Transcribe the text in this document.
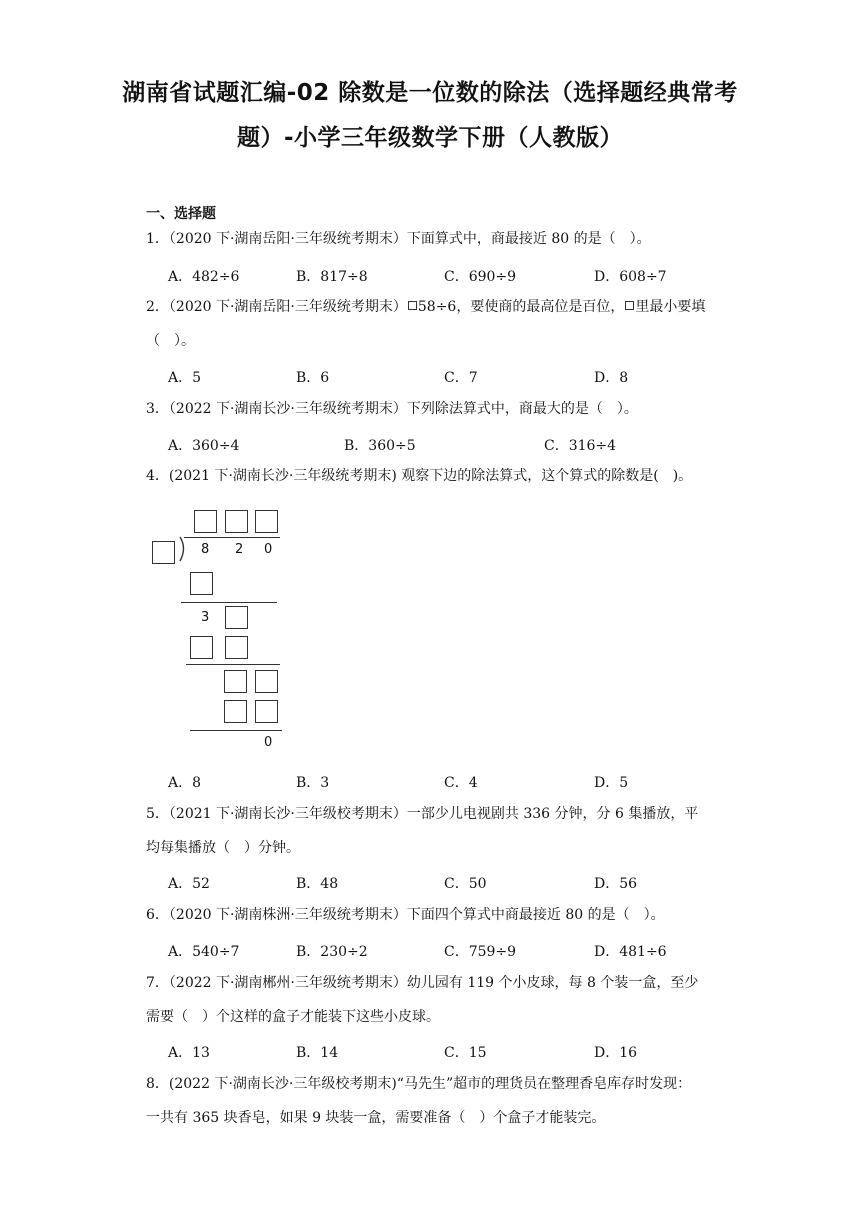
湖南省试题汇编-02 除数是一位数的除法（选择题经典常考
题）-小学三年级数学下册（人教版）
一、选择题
1．（2020 下·湖南岳阳·三年级统考期末）下面算式中，商最接近 80 的是（　）。
A．482÷6	B．817÷8	C．690÷9	D．608÷7
2．（2020 下·湖南岳阳·三年级统考期末） 58÷6，要使商的最高位是百位， 里最小要填
（　）。
A．5	B．6	C．7	D．8
3．（2022 下·湖南长沙·三年级统考期末）下列除法算式中，商最大的是（　）。
A．360÷4	B．360÷5	C．316÷4
4．(2021 下·湖南长沙·三年级统考期末) 观察下边的除法算式，这个算式的除数是(　)。
8 2 0
3
0
A．8	B．3	C．4	D．5
5．（2021 下·湖南长沙·三年级校考期末）一部少儿电视剧共 336 分钟，分 6 集播放，平
均每集播放（　）分钟。
A．52	B．48	C．50	D．56
6．（2020 下·湖南株洲·三年级统考期末）下面四个算式中商最接近 80 的是（　）。
A．540÷7	B．230÷2	C．759÷9	D．481÷6
7．（2022 下·湖南郴州·三年级统考期末）幼儿园有 119 个小皮球，每 8 个装一盒，至少
需要（　）个这样的盒子才能装下这些小皮球。
A．13	B．14	C．15	D．16
8．(2022 下·湖南长沙·三年级校考期末)“马先生”超市的理货员在整理香皂库存时发现：
一共有 365 块香皂，如果 9 块装一盒，需要准备（　）个盒子才能装完。
